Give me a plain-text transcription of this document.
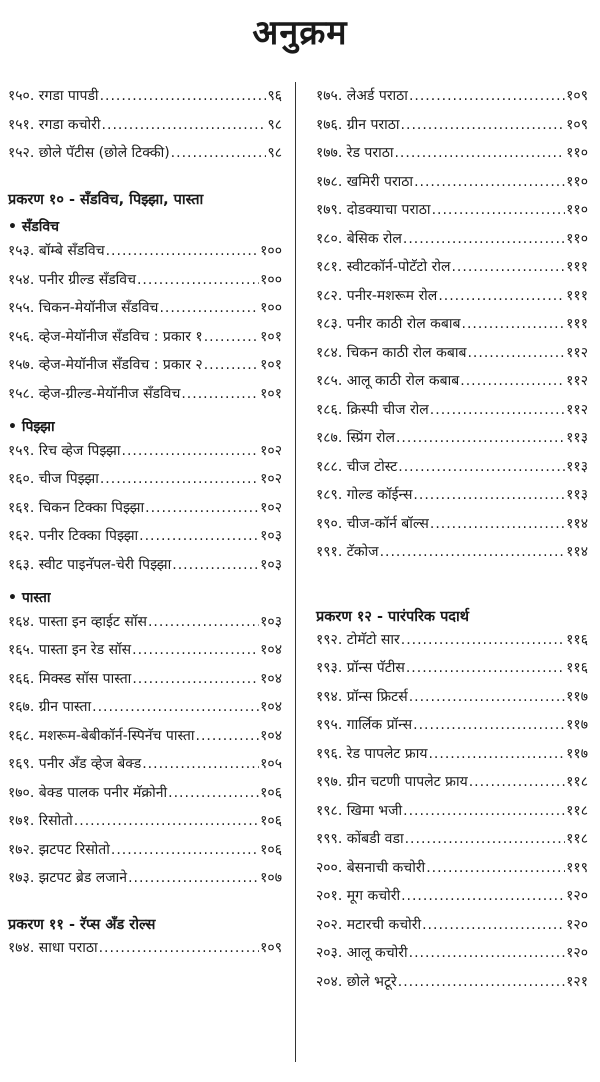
अनुक्रम
१५०. रगडा पापडी .....	९६
१५१. रगडा कचोरी .....	९८
१५२. छोले पॅटीस (छोले टिक्की) .....	९८
प्रकरण १० - सँडविच, पिझ्झा, पास्ता
• सँडविच
१५३. बॉम्बे सँडविच .....	१००
१५४. पनीर ग्रील्ड सँडविच .....	१००
१५५. चिकन-मेयॉनीज सँडविच .....	१००
१५६. व्हेज-मेयॉनीज सँडविच : प्रकार १ .....	१०१
१५७. व्हेज-मेयॉनीज सँडविच : प्रकार २ .....	१०१
१५८. व्हेज-ग्रील्ड-मेयॉनीज सँडविच .....	१०१
• पिझ्झा
१५९. रिच व्हेज पिझ्झा .....	१०२
१६०. चीज पिझ्झा .....	१०२
१६१. चिकन टिक्का पिझ्झा .....	१०२
१६२. पनीर टिक्का पिझ्झा .....	१०३
१६३. स्वीट पाइनॅपल-चेरी पिझ्झा .....	१०३
• पास्ता
१६४. पास्ता इन व्हाईट सॉस .....	१०३
१६५. पास्ता इन रेड सॉस .....	१०४
१६६. मिक्स्ड सॉस पास्ता .....	१०४
१६७. ग्रीन पास्ता .....	१०४
१६८. मशरूम-बेबीकॉर्न-स्पिनॅच पास्ता .....	१०४
१६९. पनीर अँड व्हेज बेक्ड .....	१०५
१७०. बेक्ड पालक पनीर मॅक्रोनी .....	१०६
१७१. रिसोतो .....	१०६
१७२. झटपट रिसोतो .....	१०६
१७३. झटपट ब्रेड लजाने .....	१०७
प्रकरण ११ - रॅप्स अँड रोल्स
१७४. साधा पराठा .....	१०९
१७५. लेअर्ड पराठा .....	१०९
१७६. ग्रीन पराठा .....	१०९
१७७. रेड पराठा .....	११०
१७८. खमिरी पराठा .....	११०
१७९. दोडक्याचा पराठा .....	११०
१८०. बेसिक रोल .....	११०
१८१. स्वीटकॉर्न-पोटॅटो रोल .....	१११
१८२. पनीर-मशरूम रोल .....	१११
१८३. पनीर काठी रोल कबाब .....	१११
१८४. चिकन काठी रोल कबाब .....	११२
१८५. आलू काठी रोल कबाब .....	११२
१८६. क्रिस्पी चीज रोल .....	११२
१८७. स्प्रिंग रोल .....	११३
१८८. चीज टोस्ट .....	११३
१८९. गोल्ड कॉईन्स .....	११३
१९०. चीज-कॉर्न बॉल्स .....	११४
१९१. टॅकोज .....	११४
प्रकरण १२ - पारंपरिक पदार्थ
१९२. टोमॅटो सार .....	११६
१९३. प्रॉन्स पॅटीस .....	११६
१९४. प्रॉन्स फ्रिटर्स .....	११७
१९५. गार्लिक प्रॉन्स .....	११७
१९६. रेड पापलेट फ्राय .....	११७
१९७. ग्रीन चटणी पापलेट फ्राय .....	११८
१९८. खिमा भजी .....	११८
१९९. कोंबडी वडा .....	११८
२००. बेसनाची कचोरी .....	११९
२०१. मूग कचोरी .....	१२०
२०२. मटारची कचोरी .....	१२०
२०३. आलू कचोरी .....	१२०
२०४. छोले भटूरे .....	१२१
